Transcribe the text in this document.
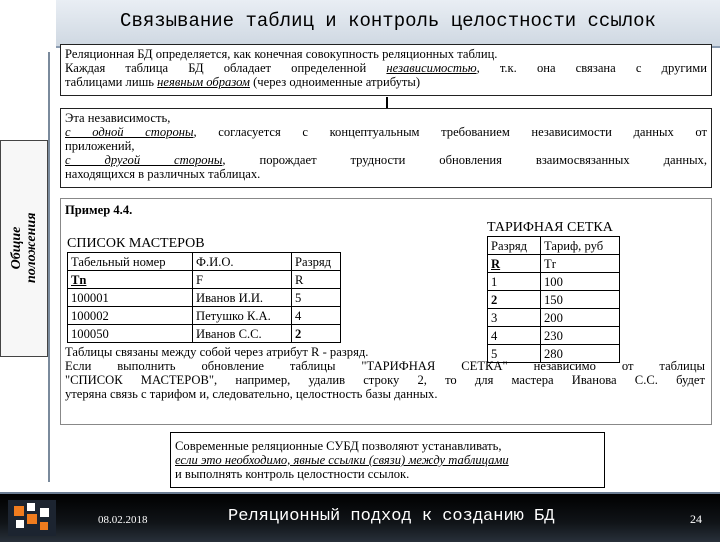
Связывание таблиц и контроль целостности ссылок
Общие положения

Реляционная БД определяется, как конечная совокупность реляционных таблиц.

Каждая таблица БД обладает определенной независимостью, т.к. она связана с другими

таблицами лишь неявным образом (через одноименные атрибуты)

Эта независимость,

с одной стороны, согласуется с концептуальным требованием независимости данных от

приложений,

с другой стороны, порождает трудности обновления взаимосвязанных данных,

находящихся в различных таблицах.

Пример 4.4.
СПИСОК МАСТЕРОВ
Табельный номер	Ф.И.О.	Разряд
Тn	F	R
100001	Иванов И.И.	5
100002	Петушко К.А.	4
100050	Иванов С.С.	2
ТАРИФНАЯ СЕТКА
Разряд	Тариф, руб
R	Тr
1	100
2	150
3	200
4	230
5	280

Таблицы связаны между собой через атрибут R - разряд.

Если выполнить обновление таблицы "ТАРИФНАЯ СЕТКА" независимо от таблицы

"СПИСОК МАСТЕРОВ", например, удалив строку 2, то для мастера Иванова С.С. будет

утеряна связь с тарифом и, следовательно, целостность базы данных.

Современные реляционные СУБД позволяют устанавливать,

если это необходимо, явные ссылки (связи) между таблицами

и выполнять контроль целостности ссылок.

08.02.2018	Реляционный подход к созданию БД	24
